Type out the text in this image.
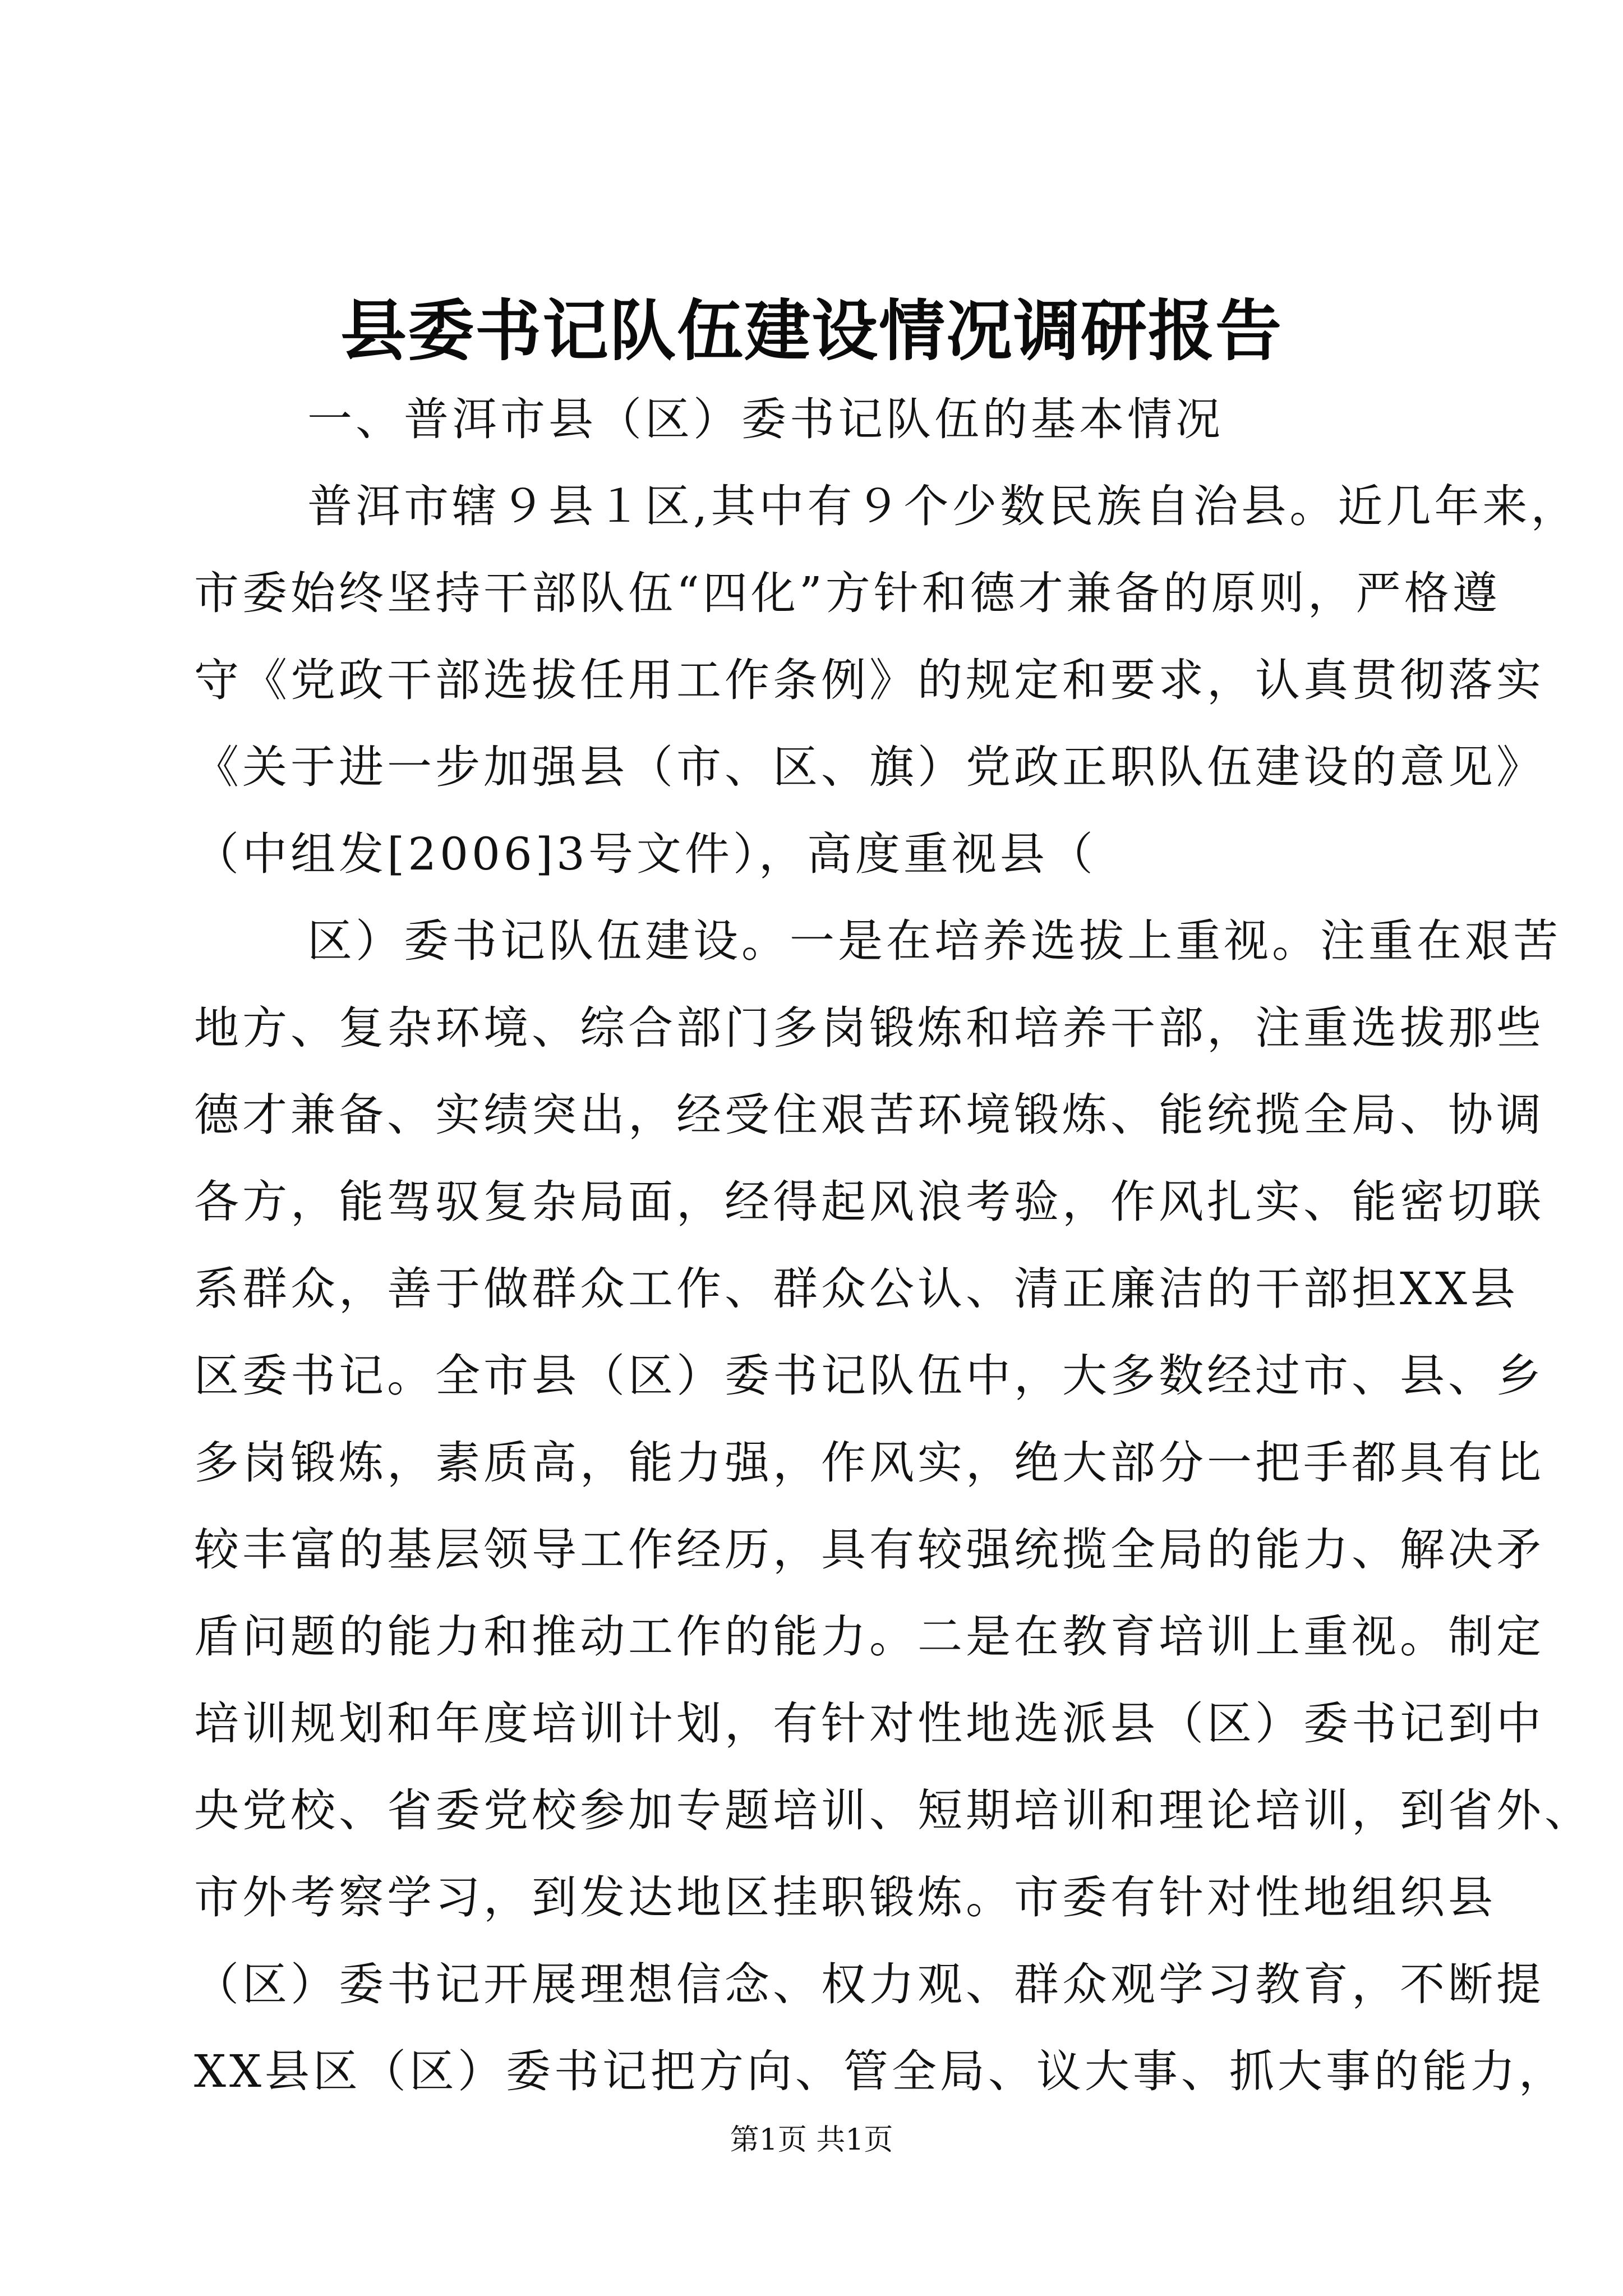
县委书记队伍建设情况调研报告
一、普洱市县（区）委书记队伍的基本情况
普洱市辖９县１区,其中有９个少数民族自治县。近几年来，
市委始终坚持干部队伍“四化”方针和德才兼备的原则，严格遵
守《党政干部选拔任用工作条例》的规定和要求，认真贯彻落实
《关于进一步加强县（市、区、旗）党政正职队伍建设的意见》
（中组发[2006]3号文件），高度重视县（
区）委书记队伍建设。一是在培养选拔上重视。注重在艰苦
地方、复杂环境、综合部门多岗锻炼和培养干部，注重选拔那些
德才兼备、实绩突出，经受住艰苦环境锻炼、能统揽全局、协调
各方，能驾驭复杂局面，经得起风浪考验，作风扎实、能密切联
系群众，善于做群众工作、群众公认、清正廉洁的干部担XX县
区委书记。全市县（区）委书记队伍中，大多数经过市、县、乡
多岗锻炼，素质高，能力强，作风实，绝大部分一把手都具有比
较丰富的基层领导工作经历，具有较强统揽全局的能力、解决矛
盾问题的能力和推动工作的能力。二是在教育培训上重视。制定
培训规划和年度培训计划，有针对性地选派县（区）委书记到中
央党校、省委党校参加专题培训、短期培训和理论培训，到省外、
市外考察学习，到发达地区挂职锻炼。市委有针对性地组织县
（区）委书记开展理想信念、权力观、群众观学习教育，不断提
XX县区（区）委书记把方向、管全局、议大事、抓大事的能力，
第1页 共1页
